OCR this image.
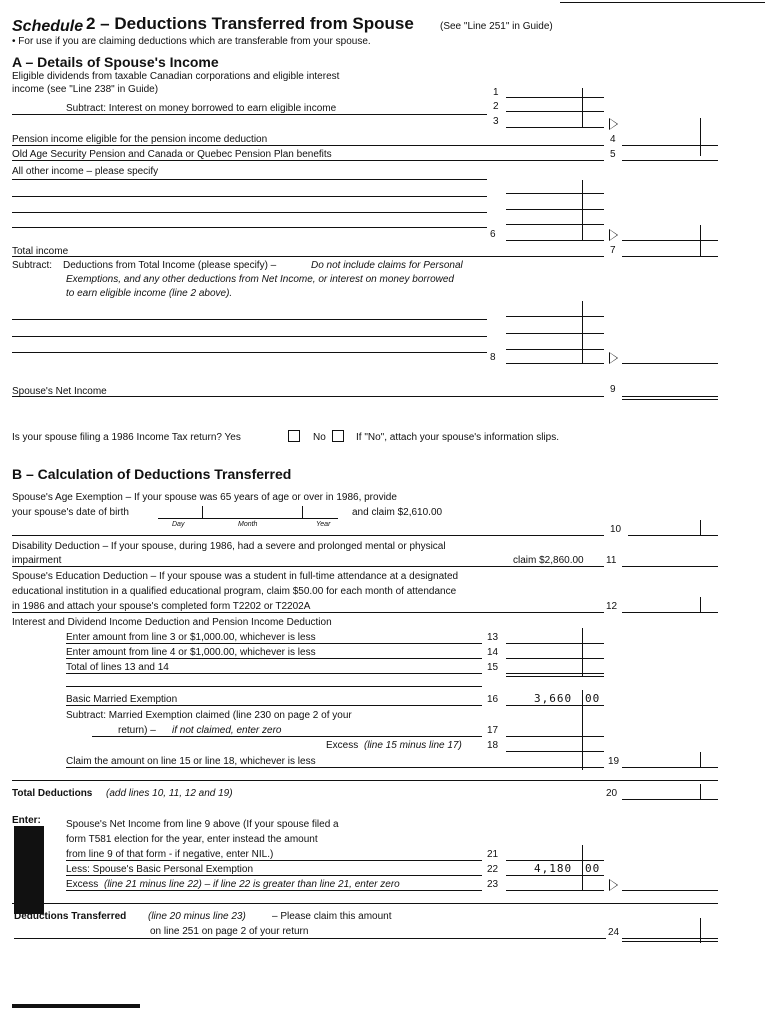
Schedule 2 – Deductions Transferred from Spouse	(See "Line 251" in Guide)
• For use if you are claiming deductions which are transferable from your spouse.
A – Details of Spouse's Income
Eligible dividends from taxable Canadian corporations and eligible interest
income (see "Line 238" in Guide)	1
Subtract: Interest on money borrowed to earn eligible income	2
3
Pension income eligible for the pension income deduction	4
Old Age Security Pension and Canada or Quebec Pension Plan benefits	5
All other income – please specify
6
Total income	7
Subtract: Deductions from Total Income (please specify) –	Do not include claims for Personal
Exemptions, and any other deductions from Net Income, or interest on money borrowed
to earn eligible income (line 2 above).
8
Spouse's Net Income	9
Is your spouse filing a 1986 Income Tax return? Yes	No	If "No", attach your spouse's information slips.
B – Calculation of Deductions Transferred
Spouse's Age Exemption – If your spouse was 65 years of age or over in 1986, provide
your spouse's date of birth
Day	Month	Year
and claim $2,610.00
10
Disability Deduction – If your spouse, during 1986, had a severe and prolonged mental or physical
impairment	claim $2,860.00 11
Spouse's Education Deduction – If your spouse was a student in full-time attendance at a designated
educational institution in a qualified educational program, claim $50.00 for each month of attendance
in 1986 and attach your spouse's completed form T2202 or T2202A	12
Interest and Dividend Income Deduction and Pension Income Deduction
Enter amount from line 3 or $1,000.00, whichever is less	13
Enter amount from line 4 or $1,000.00, whichever is less	14
Total of lines 13 and 14	15
Basic Married Exemption	16	3,660 00
Subtract: Married Exemption claimed (line 230 on page 2 of your
return) – if not claimed, enter zero	17
Excess (line 15 minus line 17)	18
Claim the amount on line 15 or line 18, whichever is less	19
Total Deductions (add lines 10, 11, 12 and 19)	20
Enter:	Spouse's Net Income from line 9 above (If your spouse filed a
form T581 election for the year, enter instead the amount
from line 9 of that form - if negative, enter NIL.)	21
Less: Spouse's Basic Personal Exemption	22	4,180 00
Excess (line 21 minus line 22) – if line 22 is greater than line 21, enter zero	23
Deductions Transferred (line 20 minus line 23)	– Please claim this amount
on line 251 on page 2 of your return	24
